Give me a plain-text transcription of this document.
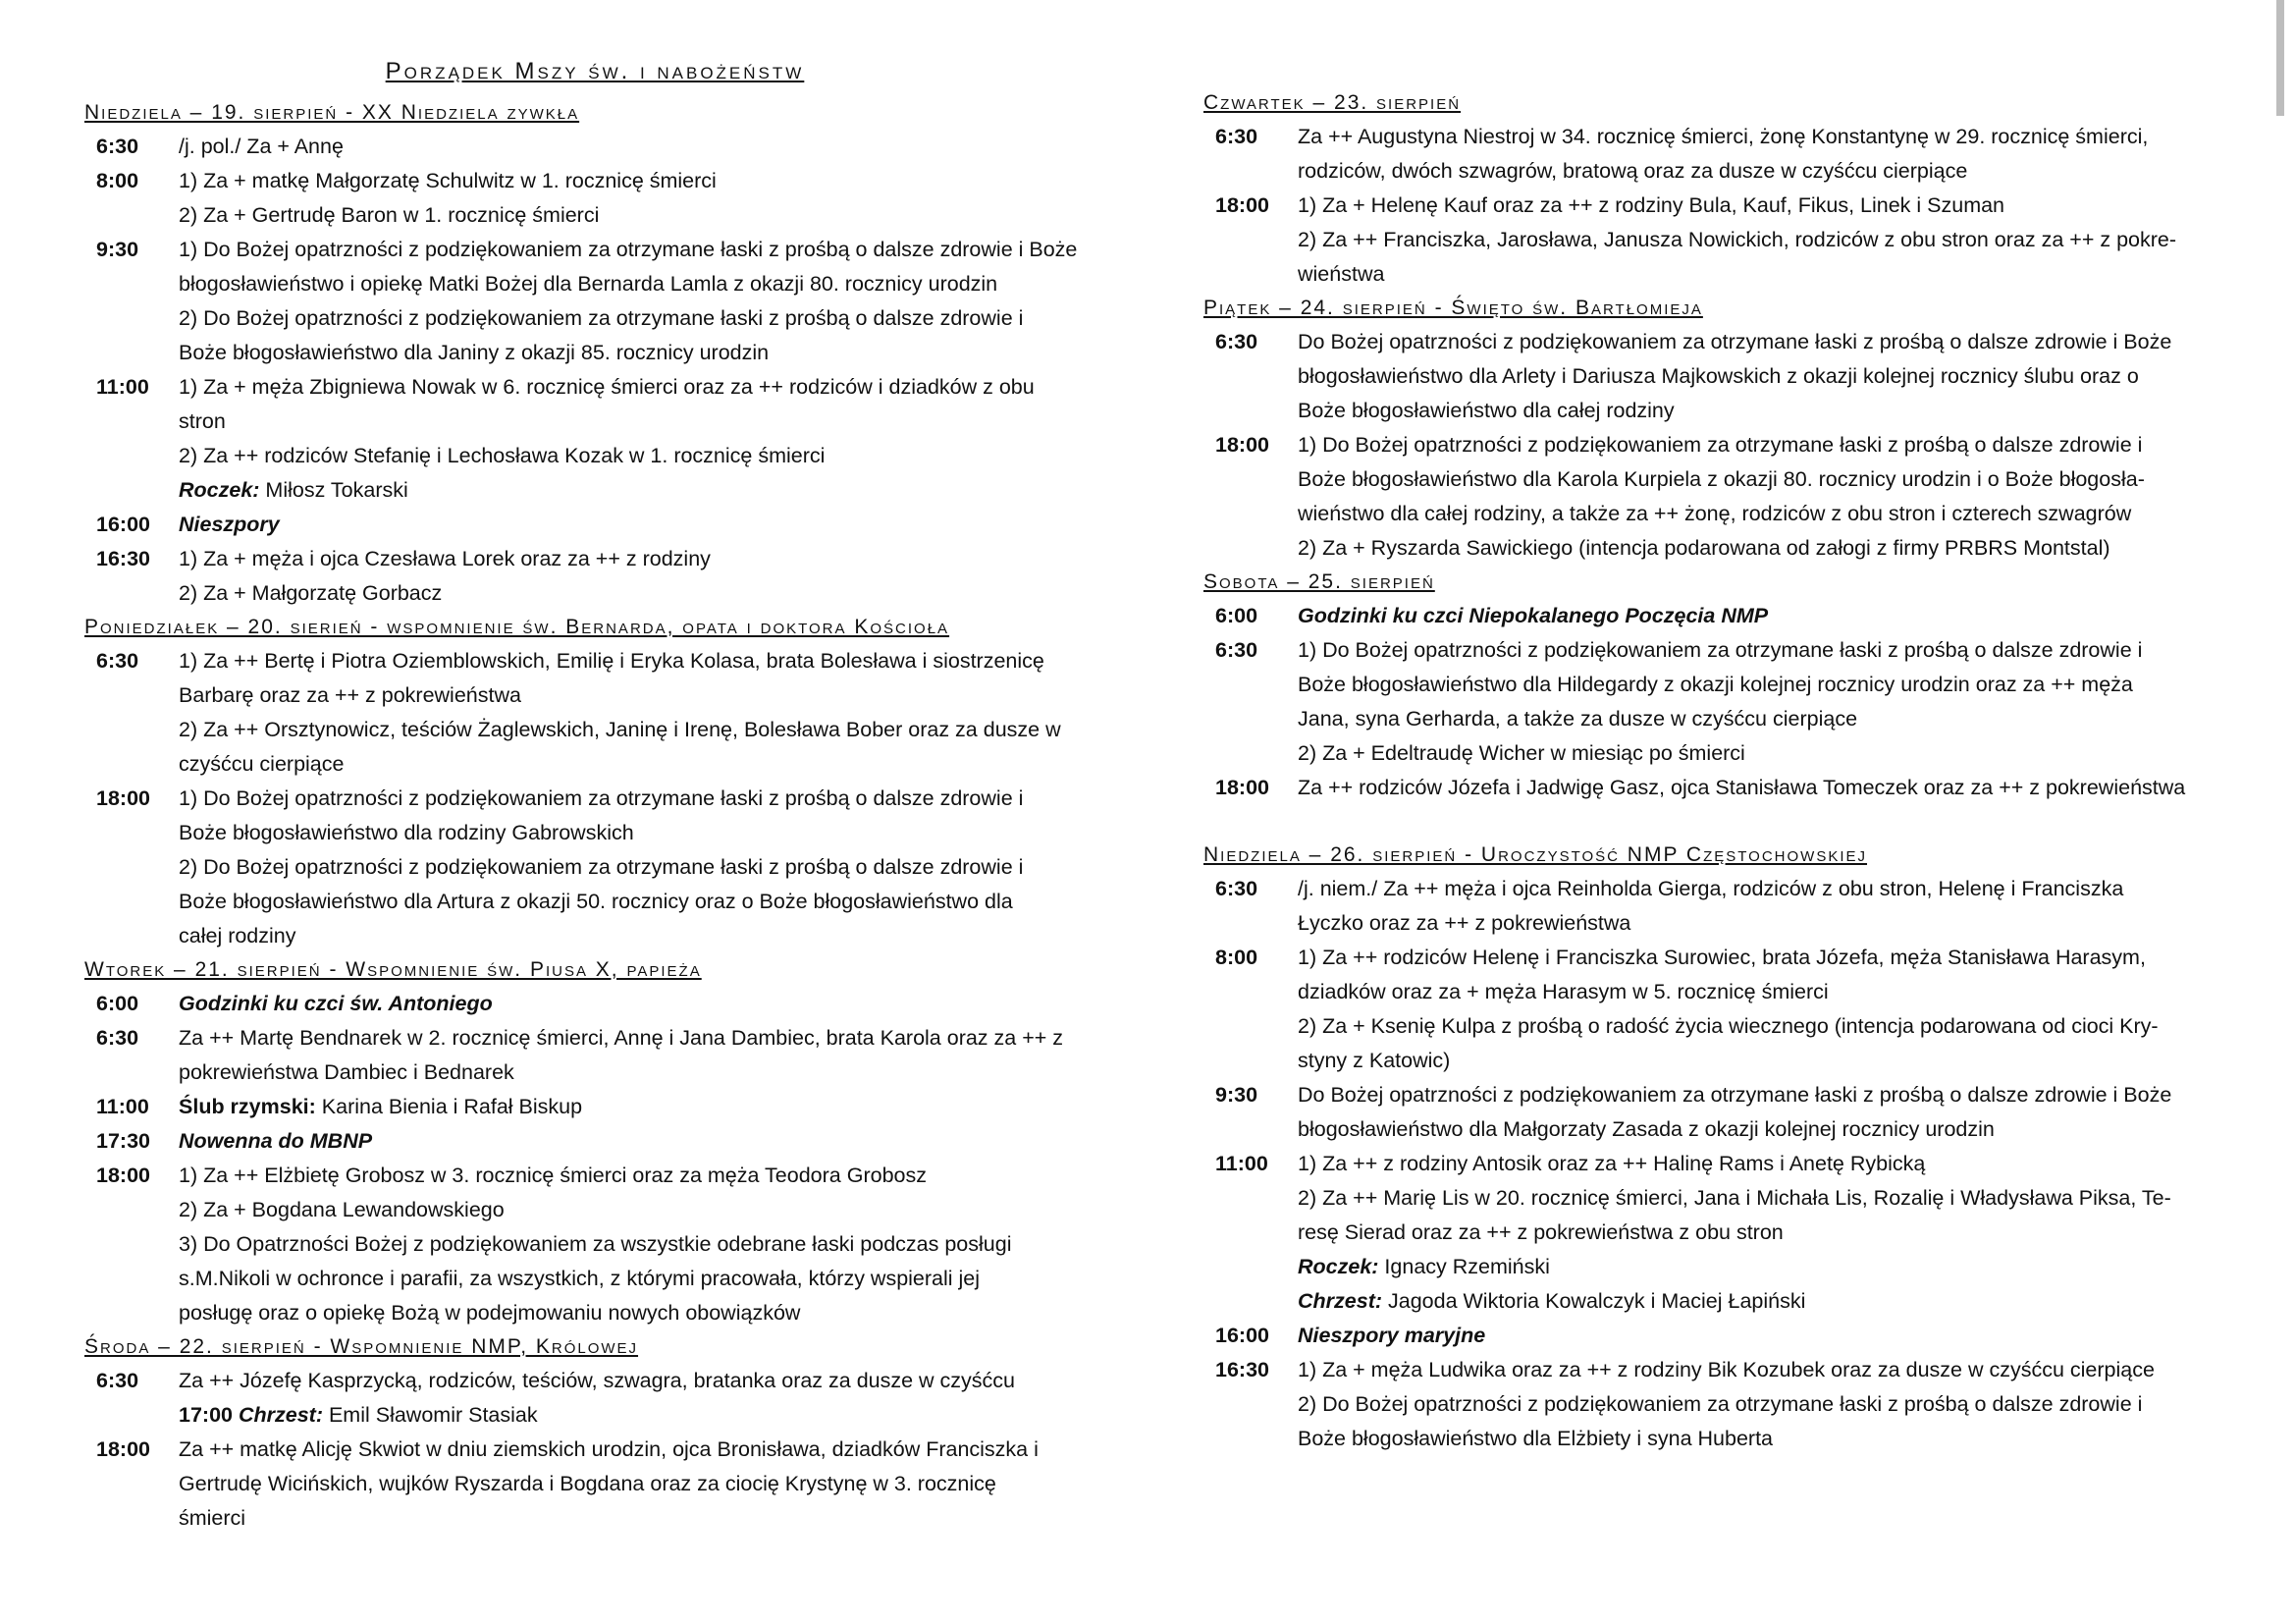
Porządek Mszy św. i nabożeństw
Niedziela – 19. sierpień - XX Niedziela zywkła
6:30	/j. pol./ Za + Annę
8:00	1) Za + matkę Małgorzatę Schulwitz w 1. rocznicę śmierci
2) Za + Gertrudę Baron w 1. rocznicę śmierci
9:30	1) Do Bożej opatrzności z podziękowaniem za otrzymane łaski z prośbą o dalsze zdrowie i Boże
błogosławieństwo i opiekę Matki Bożej dla Bernarda Lamla z okazji 80. rocznicy urodzin
2) Do Bożej opatrzności z podziękowaniem za otrzymane łaski z prośbą o dalsze zdrowie i
Boże błogosławieństwo dla Janiny z okazji 85. rocznicy urodzin
11:00	1) Za + męża Zbigniewa Nowak w 6. rocznicę śmierci oraz za ++ rodziców i dziadków z obu
stron
2) Za ++ rodziców Stefanię i Lechosława Kozak w 1. rocznicę śmierci
Roczek: Miłosz Tokarski
16:00	Nieszpory
16:30	1) Za + męża i ojca Czesława Lorek oraz za ++ z rodziny
2) Za + Małgorzatę Gorbacz
Poniedziałek – 20. sierień - wspomnienie św. Bernarda, opata i doktora Kościoła
6:30	1) Za ++ Bertę i Piotra Oziemblowskich, Emilię i Eryka Kolasa, brata Bolesława i siostrzenicę
Barbarę oraz za ++ z pokrewieństwa
2) Za ++ Orsztynowicz, teściów Żaglewskich, Janinę i Irenę, Bolesława Bober oraz za dusze w
czyśćcu cierpiące
18:00	1) Do Bożej opatrzności z podziękowaniem za otrzymane łaski z prośbą o dalsze zdrowie i
Boże błogosławieństwo dla rodziny Gabrowskich
2) Do Bożej opatrzności z podziękowaniem za otrzymane łaski z prośbą o dalsze zdrowie i
Boże błogosławieństwo dla Artura z okazji 50. rocznicy oraz o Boże błogosławieństwo dla
całej rodziny
Wtorek – 21. sierpień - Wspomnienie św. Piusa X, papieża
6:00	Godzinki ku czci św. Antoniego
6:30	Za ++ Martę Bendnarek w 2. rocznicę śmierci, Annę i Jana Dambiec, brata Karola oraz za ++ z
pokrewieństwa Dambiec i Bednarek
11:00	Ślub rzymski: Karina Bienia i Rafał Biskup
17:30	Nowenna do MBNP
18:00	1) Za ++ Elżbietę Grobosz w 3. rocznicę śmierci oraz za męża Teodora Grobosz
2) Za + Bogdana Lewandowskiego
3) Do Opatrzności Bożej z podziękowaniem za wszystkie odebrane łaski podczas posługi
s.M.Nikoli w ochronce i parafii, za wszystkich, z którymi pracowała, którzy wspierali jej
posługę oraz o opiekę Bożą w podejmowaniu nowych obowiązków
Środa – 22. sierpień - Wspomnienie NMP, Królowej
6:30	Za ++ Józefę Kasprzycką, rodziców, teściów, szwagra, bratanka oraz za dusze w czyśćcu
17:00 Chrzest: Emil Sławomir Stasiak
18:00	Za ++ matkę Alicję Skwiot w dniu ziemskich urodzin, ojca Bronisława, dziadków Franciszka i
Gertrudę Wicińskich, wujków Ryszarda i Bogdana oraz za ciocię Krystynę w 3. rocznicę
śmierci
Czwartek – 23. sierpień
6:30	Za ++ Augustyna Niestroj w 34. rocznicę śmierci, żonę Konstantynę w 29. rocznicę śmierci,
rodziców, dwóch szwagrów, bratową oraz za dusze w czyśćcu cierpiące
18:00	1) Za + Helenę Kauf oraz za ++ z rodziny Bula, Kauf, Fikus, Linek i Szuman
2) Za ++ Franciszka, Jarosława, Janusza Nowickich, rodziców z obu stron oraz za ++ z pokre-
wieństwa
Piątek – 24. sierpień - Święto św. Bartłomieja
6:30	Do Bożej opatrzności z podziękowaniem za otrzymane łaski z prośbą o dalsze zdrowie i Boże
błogosławieństwo dla Arlety i Dariusza Majkowskich z okazji kolejnej rocznicy ślubu oraz o
Boże błogosławieństwo dla całej rodziny
18:00	1) Do Bożej opatrzności z podziękowaniem za otrzymane łaski z prośbą o dalsze zdrowie i
Boże błogosławieństwo dla Karola Kurpiela z okazji 80. rocznicy urodzin i o Boże błogosła-
wieństwo dla całej rodziny, a także za ++ żonę, rodziców z obu stron i czterech szwagrów
2) Za + Ryszarda Sawickiego (intencja podarowana od załogi z firmy PRBRS Montstal)
Sobota – 25. sierpień
6:00	Godzinki ku czci Niepokalanego Poczęcia NMP
6:30	1) Do Bożej opatrzności z podziękowaniem za otrzymane łaski z prośbą o dalsze zdrowie i
Boże błogosławieństwo dla Hildegardy z okazji kolejnej rocznicy urodzin oraz za ++ męża
Jana, syna Gerharda, a także za dusze w czyśćcu cierpiące
2) Za + Edeltraudę Wicher w miesiąc po śmierci
18:00	Za ++ rodziców Józefa i Jadwigę Gasz, ojca Stanisława Tomeczek oraz za ++ z pokrewieństwa
Niedziela – 26. sierpień - Uroczystość NMP Częstochowskiej
6:30	/j. niem./ Za ++ męża i ojca Reinholda Gierga, rodziców z obu stron, Helenę i Franciszka
Łyczko oraz za ++ z pokrewieństwa
8:00	1) Za ++ rodziców Helenę i Franciszka Surowiec, brata Józefa, męża Stanisława Harasym,
dziadków oraz za + męża Harasym w 5. rocznicę śmierci
2) Za + Ksenię Kulpa z prośbą o radość życia wiecznego (intencja podarowana od cioci Kry-
styny z Katowic)
9:30	Do Bożej opatrzności z podziękowaniem za otrzymane łaski z prośbą o dalsze zdrowie i Boże
błogosławieństwo dla Małgorzaty Zasada z okazji kolejnej rocznicy urodzin
11:00	1) Za ++ z rodziny Antosik oraz za ++ Halinę Rams i Anetę Rybicką
2) Za ++ Marię Lis w 20. rocznicę śmierci, Jana i Michała Lis, Rozalię i Władysława Piksa, Te-
resę Sierad oraz za ++ z pokrewieństwa z obu stron
Roczek: Ignacy Rzemiński
Chrzest: Jagoda Wiktoria Kowalczyk i Maciej Łapiński
16:00	Nieszpory maryjne
16:30	1) Za + męża Ludwika oraz za ++ z rodziny Bik Kozubek oraz za dusze w czyśćcu cierpiące
2) Do Bożej opatrzności z podziękowaniem za otrzymane łaski z prośbą o dalsze zdrowie i
Boże błogosławieństwo dla Elżbiety i syna Huberta
